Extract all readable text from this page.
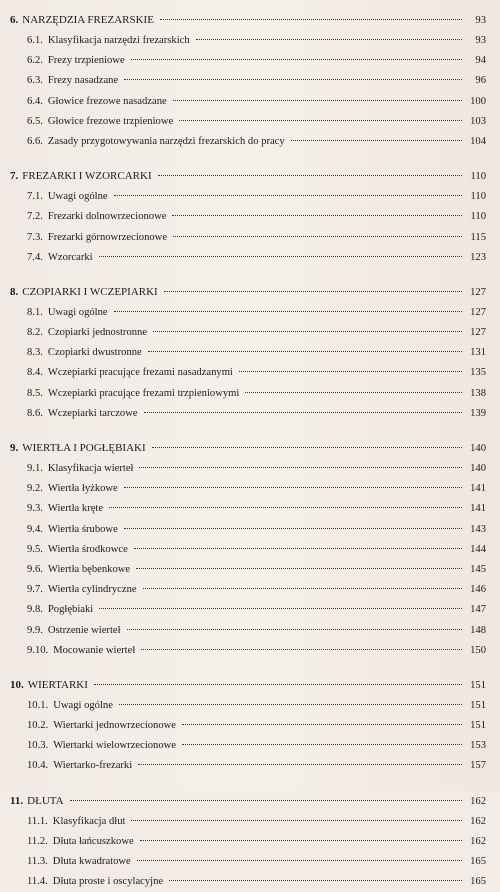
6. NARZĘDZIA FREZARSKIE	93
6.1. Klasyfikacja narzędzi frezarskich	93
6.2. Frezy trzpieniowe	94
6.3. Frezy nasadzane	96
6.4. Głowice frezowe nasadzane	100
6.5. Głowice frezowe trzpieniowe	103
6.6. Zasady przygotowywania narzędzi frezarskich do pracy	104
7. FREZARKI I WZORCARKI	110
7.1. Uwagi ogólne	110
7.2. Frezarki dolnowrzecionowe	110
7.3. Frezarki górnowrzecionowe	115
7.4. Wzorcarki	123
8. CZOPIARKI I WCZEPIARKI	127
8.1. Uwagi ogólne	127
8.2. Czopiarki jednostronne	127
8.3. Czopiarki dwustronne	131
8.4. Wczepiarki pracujące frezami nasadzanymi	135
8.5. Wczepiarki pracujące frezami trzpieniowymi	138
8.6. Wczepiarki tarczowe	139
9. WIERTŁA I POGŁĘBIAKI	140
9.1. Klasyfikacja wierteł	140
9.2. Wiertła łyżkowe	141
9.3. Wiertła kręte	141
9.4. Wiertła śrubowe	143
9.5. Wiertła środkowce	144
9.6. Wiertła bębenkowe	145
9.7. Wiertła cylindryczne	146
9.8. Pogłębiaki	147
9.9. Ostrzenie wierteł	148
9.10. Mocowanie wierteł	150
10. WIERTARKI	151
10.1. Uwagi ogólne	151
10.2. Wiertarki jednowrzecionowe	151
10.3. Wiertarki wielowrzecionowe	153
10.4. Wiertarko-frezarki	157
11. DŁUTA	162
11.1. Klasyfikacja dłut	162
11.2. Dłuta łańcuszkowe	162
11.3. Dłuta kwadratowe	165
11.4. Dłuta proste i oscylacyjne	165
